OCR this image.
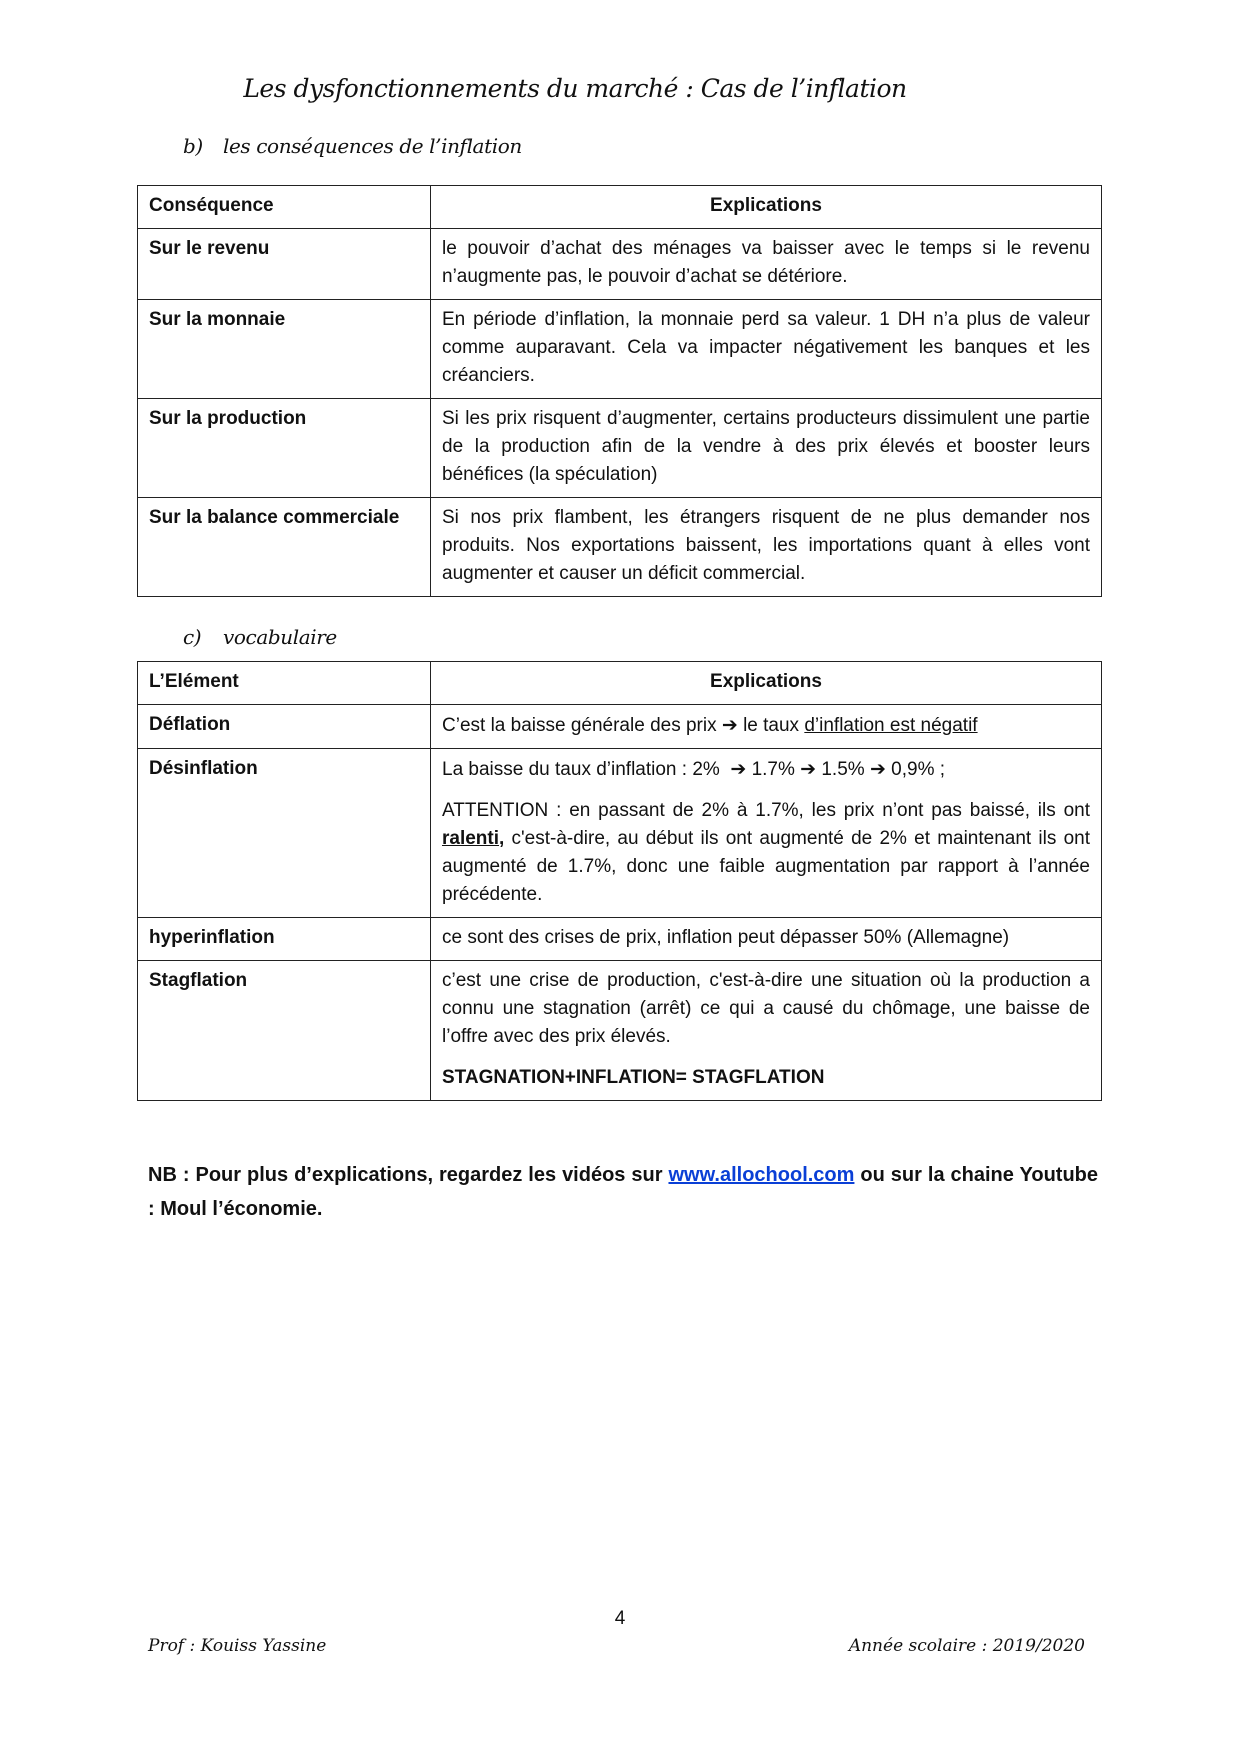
Les dysfonctionnements du marché : Cas de l’inflation
b) les conséquences de l’inflation
Conséquence	Explications
Sur le revenu	le pouvoir d’achat des ménages va baisser avec le temps si le revenu n’augmente pas, le pouvoir d’achat se détériore.
Sur la monnaie	En période d’inflation, la monnaie perd sa valeur. 1 DH n’a plus de valeur comme auparavant. Cela va impacter négativement les banques et les créanciers.
Sur la production	Si les prix risquent d’augmenter, certains producteurs dissimulent une partie de la production afin de la vendre à des prix élevés et booster leurs bénéfices (la spéculation)
Sur la balance commerciale	Si nos prix flambent, les étrangers risquent de ne plus demander nos produits. Nos exportations baissent, les importations quant à elles vont augmenter et causer un déficit commercial.
c) vocabulaire
L’Elément	Explications
Déflation	C’est la baisse générale des prix ➔ le taux d’inflation est négatif
Désinflation	La baisse du taux d’inflation : 2% ➔ 1.7% ➔ 1.5% ➔ 0,9% ;

ATTENTION : en passant de 2% à 1.7%, les prix n’ont pas baissé, ils ont ralenti, c'est-à-dire, au début ils ont augmenté de 2% et maintenant ils ont augmenté de 1.7%, donc une faible augmentation par rapport à l’année précédente.

hyperinflation	ce sont des crises de prix, inflation peut dépasser 50% (Allemagne)
Stagflation	c’est une crise de production, c'est-à-dire une situation où la production a connu une stagnation (arrêt) ce qui a causé du chômage, une baisse de l’offre avec des prix élevés.

STAGNATION+INFLATION= STAGFLATION

NB : Pour plus d’explications, regardez les vidéos sur www.allochool.com ou sur la chaine Youtube : Moul l’économie.
4
Prof : Kouiss Yassine	Année scolaire : 2019/2020
